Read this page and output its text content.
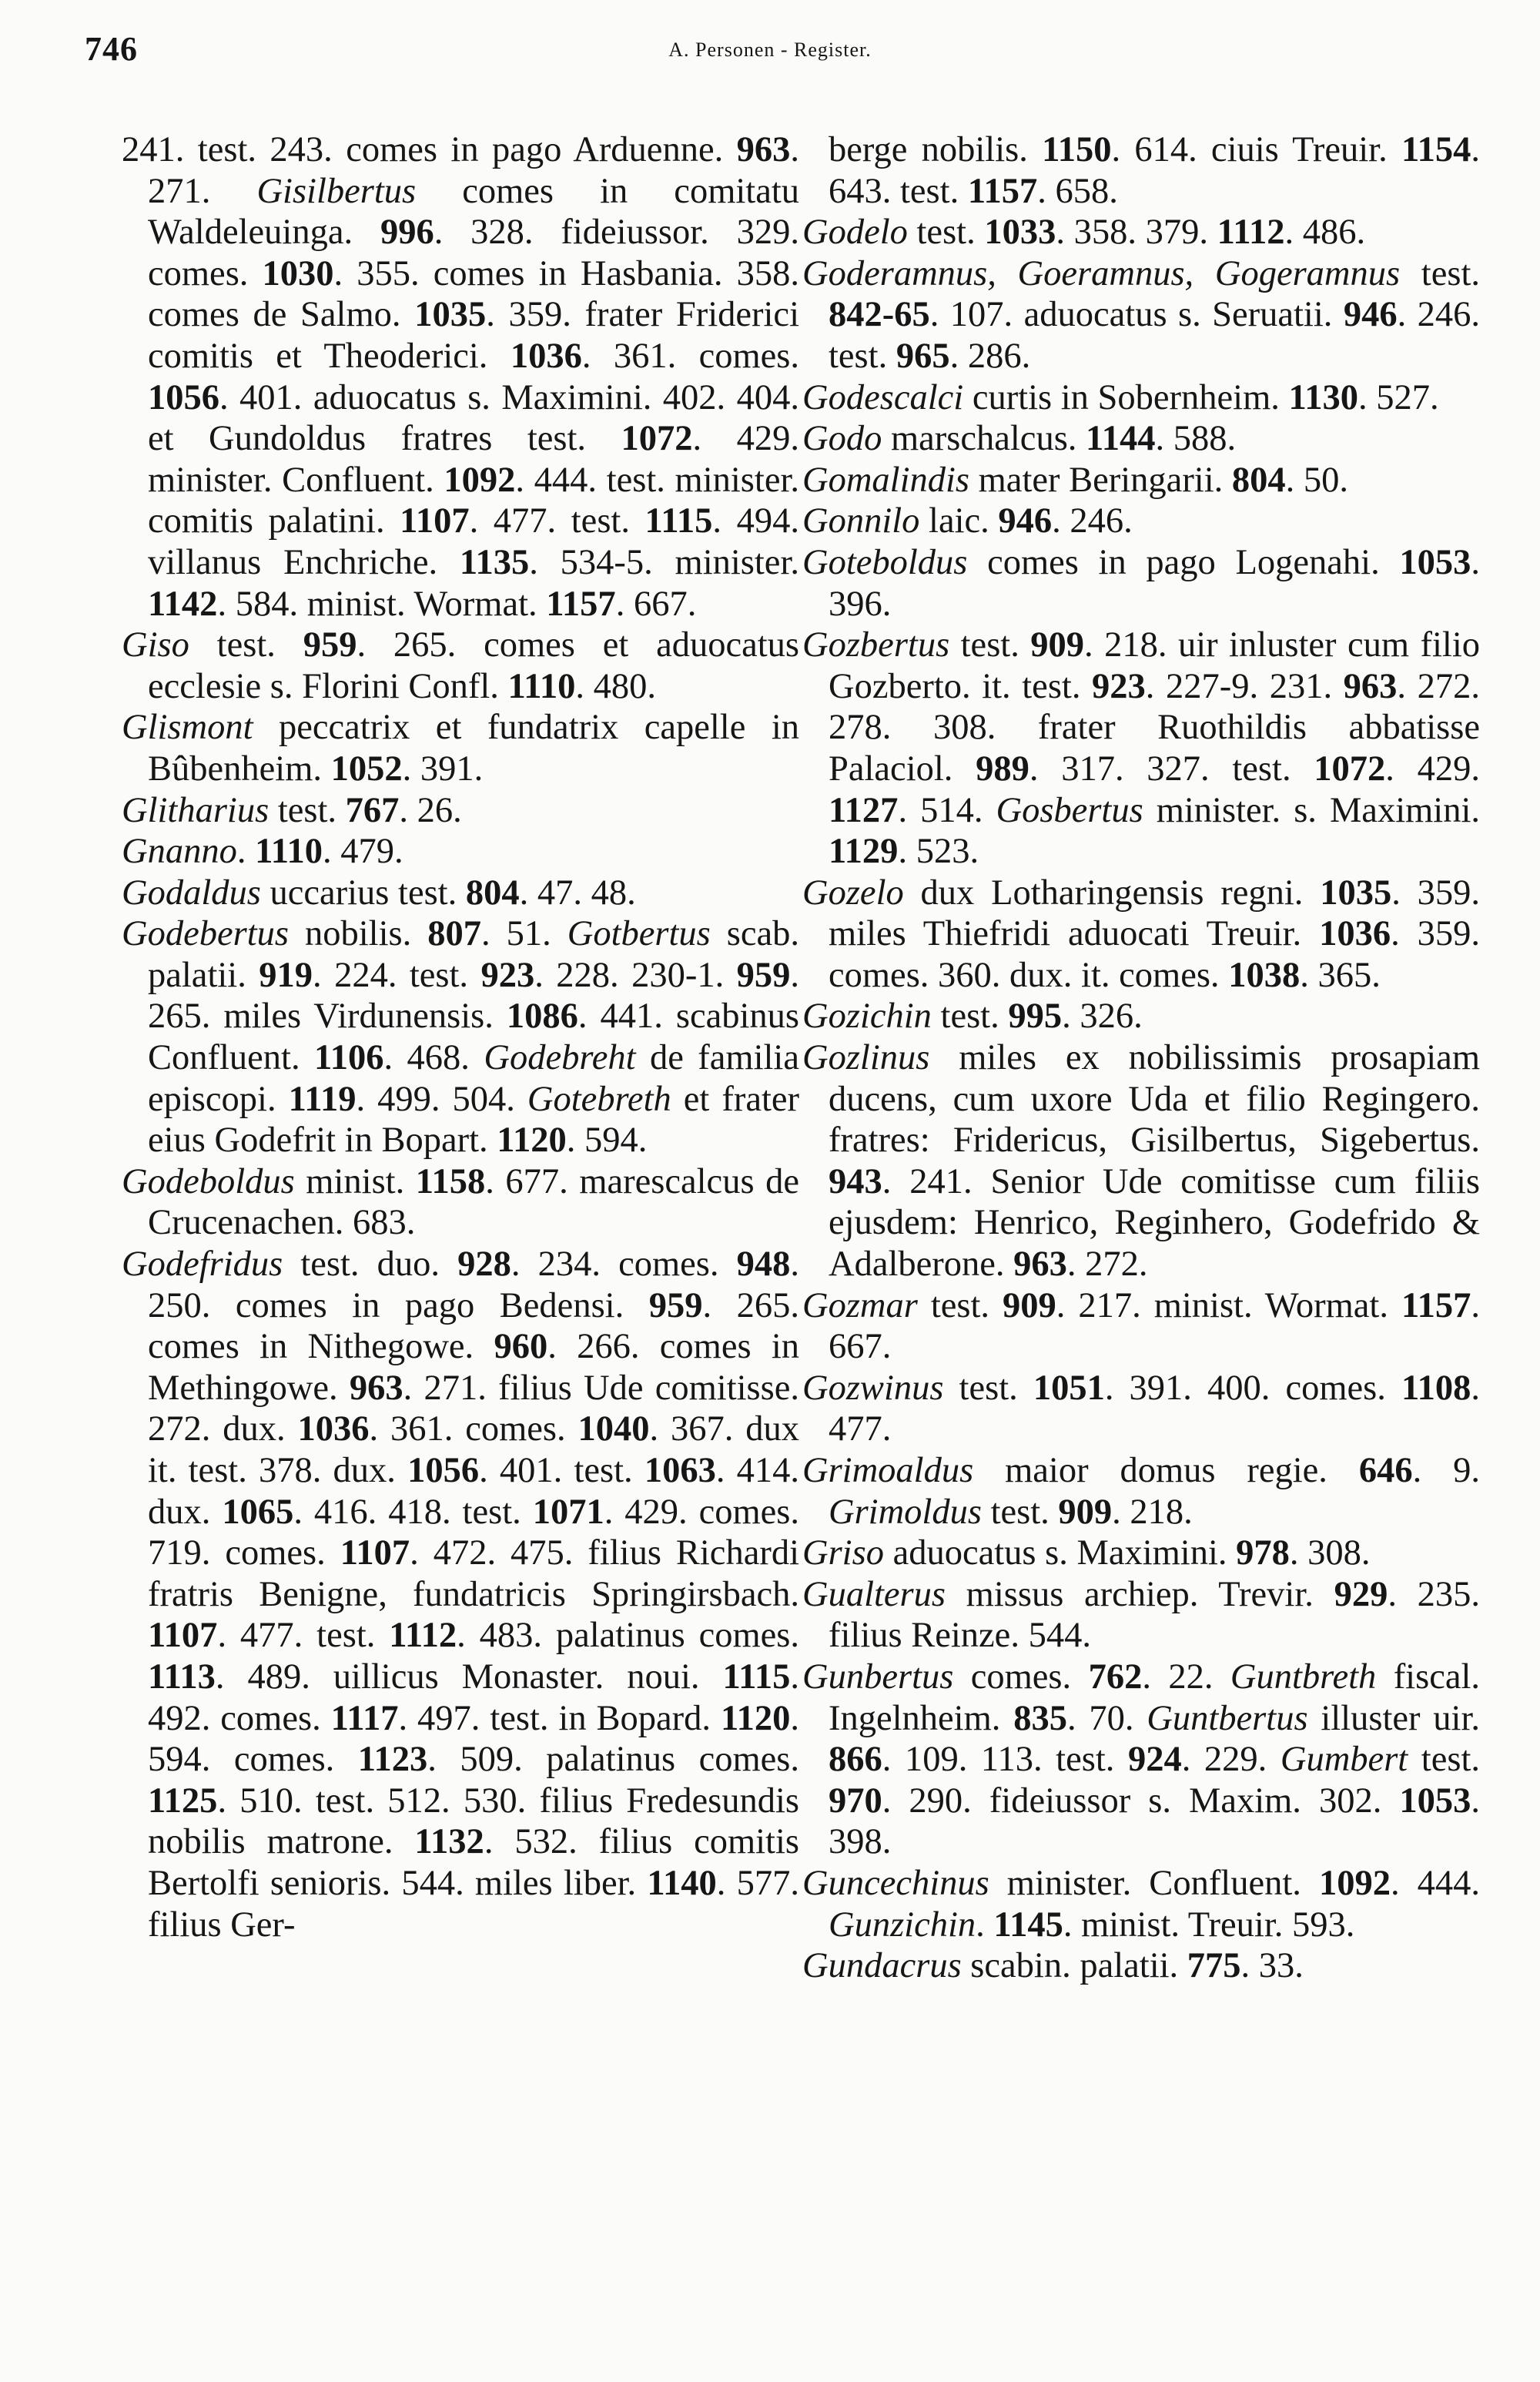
746	A. Personen - Register.

241. test. 243. comes in pago Arduenne. 963. 271. Gisilbertus comes in comitatu Waldeleuinga. 996. 328. fideiussor. 329. comes. 1030. 355. comes in Hasbania. 358. comes de Salmo. 1035. 359. frater Friderici comitis et Theoderici. 1036. 361. comes. 1056. 401. aduocatus s. Maximini. 402. 404. et Gundoldus fratres test. 1072. 429. minister. Confluent. 1092. 444. test. minister. comitis palatini. 1107. 477. test. 1115. 494. villanus Enchriche. 1135. 534-5. minister. 1142. 584. minist. Wormat. 1157. 667.

Giso test. 959. 265. comes et aduocatus ecclesie s. Florini Confl. 1110. 480.

Glismont peccatrix et fundatrix capelle in Bûbenheim. 1052. 391.

Glitharius test. 767. 26.

Gnanno. 1110. 479.

Godaldus uccarius test. 804. 47. 48.

Godebertus nobilis. 807. 51. Gotbertus scab. palatii. 919. 224. test. 923. 228. 230-1. 959. 265. miles Virdunensis. 1086. 441. scabinus Confluent. 1106. 468. Godebreht de familia episcopi. 1119. 499. 504. Gotebreth et frater eius Godefrit in Bopart. 1120. 594.

Godeboldus minist. 1158. 677. marescalcus de Crucenachen. 683.

Godefridus test. duo. 928. 234. comes. 948. 250. comes in pago Bedensi. 959. 265. comes in Nithegowe. 960. 266. comes in Methingowe. 963. 271. filius Ude comitisse. 272. dux. 1036. 361. comes. 1040. 367. dux it. test. 378. dux. 1056. 401. test. 1063. 414. dux. 1065. 416. 418. test. 1071. 429. comes. 719. comes. 1107. 472. 475. filius Richardi fratris Benigne, fundatricis Springirsbach. 1107. 477. test. 1112. 483. palatinus comes. 1113. 489. uillicus Monaster. noui. 1115. 492. comes. 1117. 497. test. in Bopard. 1120. 594. comes. 1123. 509. palatinus comes. 1125. 510. test. 512. 530. filius Fredesundis nobilis matrone. 1132. 532. filius comitis Bertolfi senioris. 544. miles liber. 1140. 577. filius Ger-

berge nobilis. 1150. 614. ciuis Treuir. 1154. 643. test. 1157. 658.

Godelo test. 1033. 358. 379. 1112. 486.

Goderamnus, Goeramnus, Gogeramnus test. 842-65. 107. aduocatus s. Seruatii. 946. 246. test. 965. 286.

Godescalci curtis in Sobernheim. 1130. 527.

Godo marschalcus. 1144. 588.

Gomalindis mater Beringarii. 804. 50.

Gonnilo laic. 946. 246.

Goteboldus comes in pago Logenahi. 1053. 396.

Gozbertus test. 909. 218. uir inluster cum filio Gozberto. it. test. 923. 227-9. 231. 963. 272. 278. 308. frater Ruothildis abbatisse Palaciol. 989. 317. 327. test. 1072. 429. 1127. 514. Gosbertus minister. s. Maximini. 1129. 523.

Gozelo dux Lotharingensis regni. 1035. 359. miles Thiefridi aduocati Treuir. 1036. 359. comes. 360. dux. it. comes. 1038. 365.

Gozichin test. 995. 326.

Gozlinus miles ex nobilissimis prosapiam ducens, cum uxore Uda et filio Regingero. fratres: Fridericus, Gisilbertus, Sigebertus. 943. 241. Senior Ude comitisse cum filiis ejusdem: Henrico, Reginhero, Godefrido & Adalberone. 963. 272.

Gozmar test. 909. 217. minist. Wormat. 1157. 667.

Gozwinus test. 1051. 391. 400. comes. 1108. 477.

Grimoaldus maior domus regie. 646. 9. Grimoldus test. 909. 218.

Griso aduocatus s. Maximini. 978. 308.

Gualterus missus archiep. Trevir. 929. 235. filius Reinze. 544.

Gunbertus comes. 762. 22. Guntbreth fiscal. Ingelnheim. 835. 70. Guntbertus illuster uir. 866. 109. 113. test. 924. 229. Gumbert test. 970. 290. fideiussor s. Maxim. 302. 1053. 398.

Guncechinus minister. Confluent. 1092. 444. Gunzichin. 1145. minist. Treuir. 593.

Gundacrus scabin. palatii. 775. 33.
